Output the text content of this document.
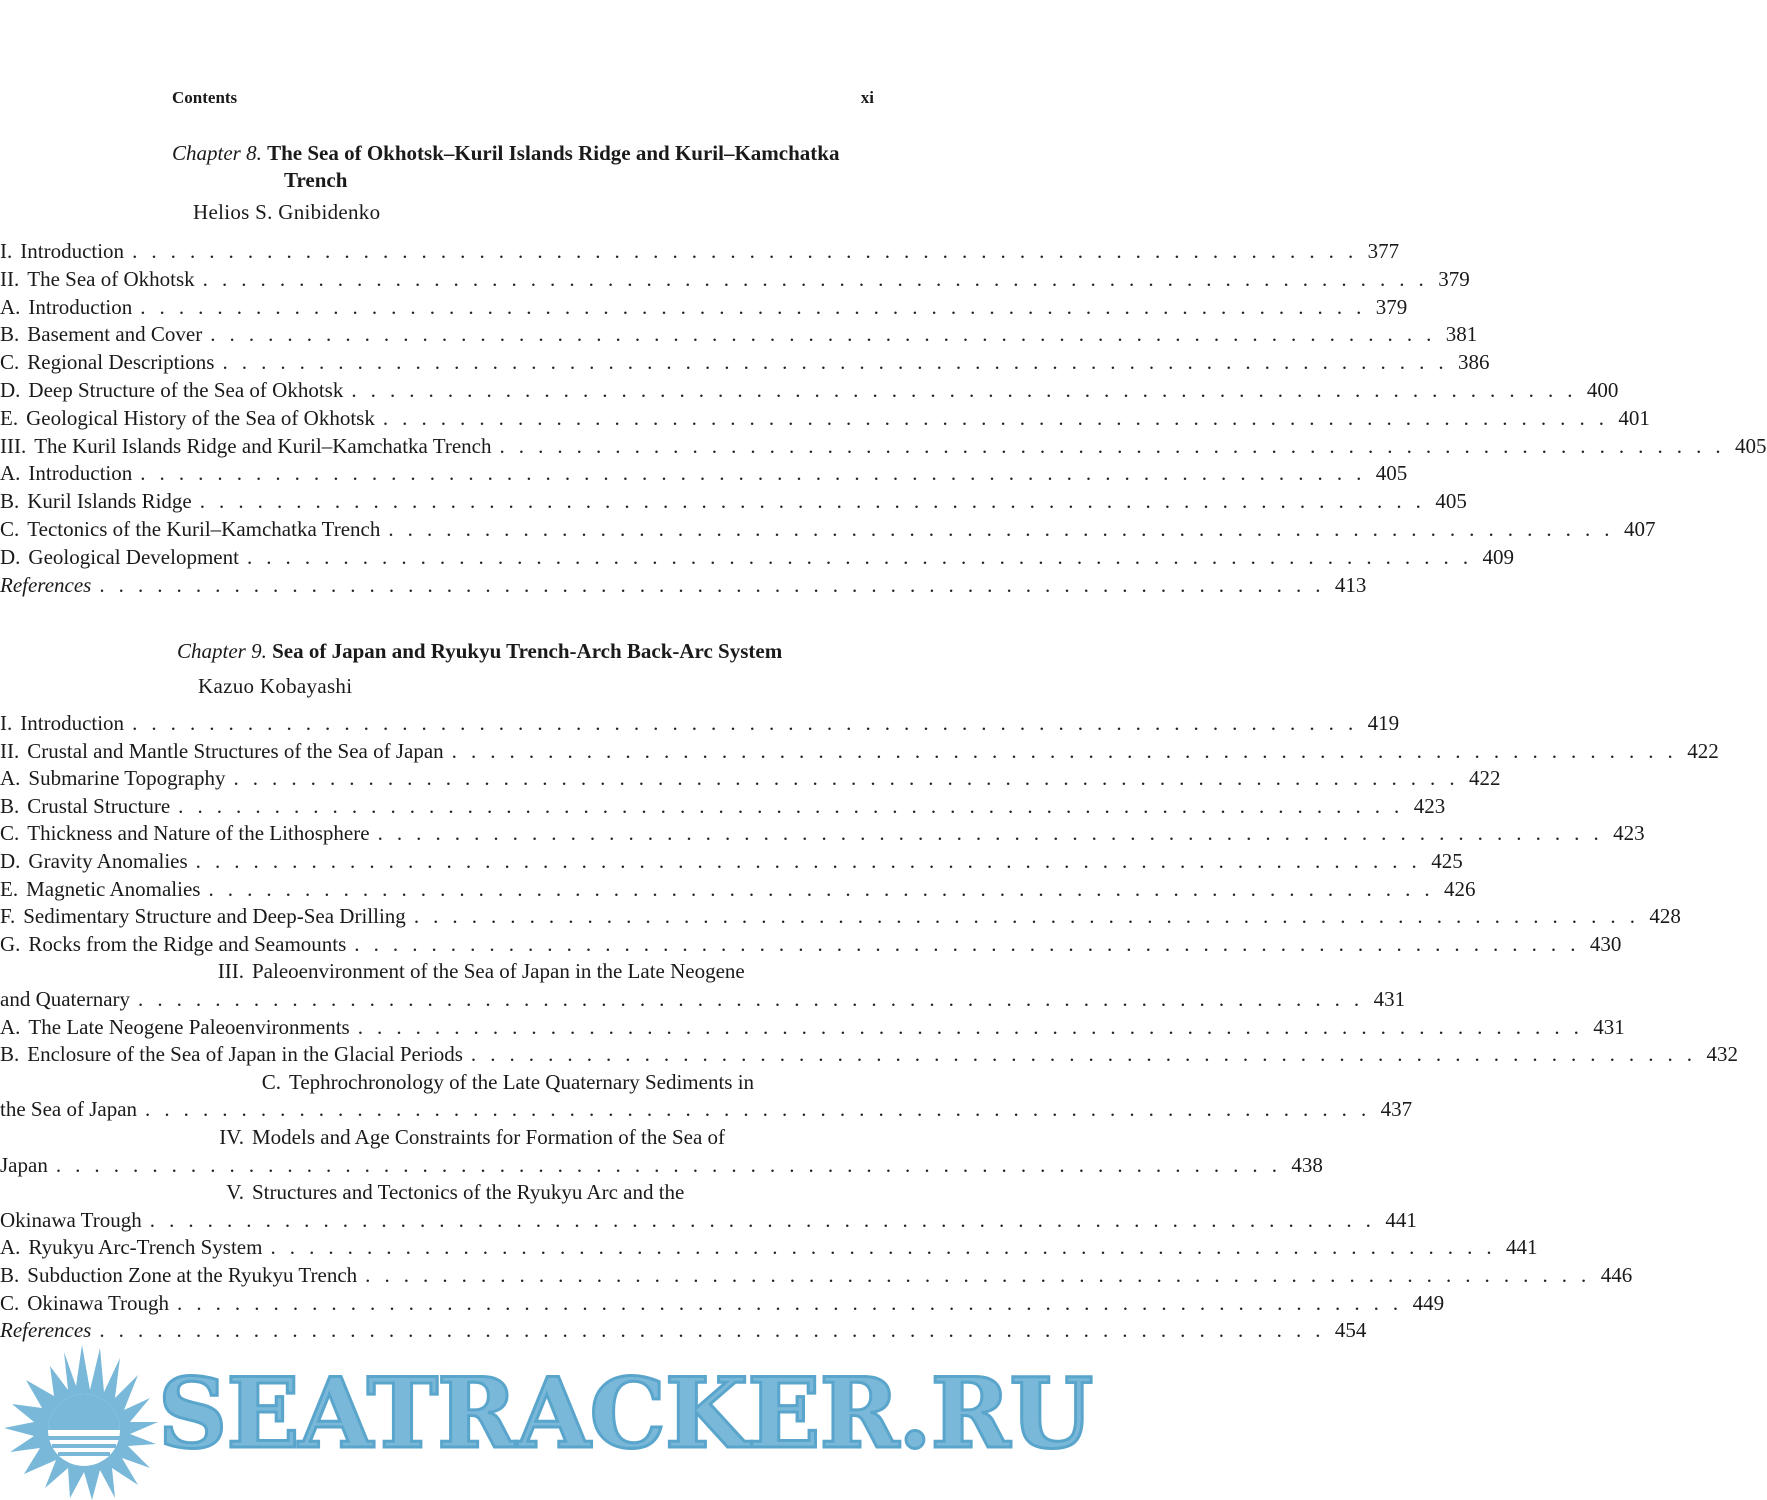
Contents	xi
Chapter 8. The Sea of Okhotsk–Kuril Islands Ridge and Kuril–Kamchatka
Trench
Helios S. Gnibidenko
I. Introduction . . . . . . . . . . . . . . . . . . . . . . . . . . . . . . . . . . . . . . . . . . . . . . . . . . . . . . . . . . . . . . . . 377
II. The Sea of Okhotsk . . . . . . . . . . . . . . . . . . . . . . . . . . . . . . . . . . . . . . . . . . . . . . . . . . . . . . . . . . . . . . . . 379
A. Introduction . . . . . . . . . . . . . . . . . . . . . . . . . . . . . . . . . . . . . . . . . . . . . . . . . . . . . . . . . . . . . . . . 379
B. Basement and Cover . . . . . . . . . . . . . . . . . . . . . . . . . . . . . . . . . . . . . . . . . . . . . . . . . . . . . . . . . . . . . . . . 381
C. Regional Descriptions . . . . . . . . . . . . . . . . . . . . . . . . . . . . . . . . . . . . . . . . . . . . . . . . . . . . . . . . . . . . . . . . 386
D. Deep Structure of the Sea of Okhotsk . . . . . . . . . . . . . . . . . . . . . . . . . . . . . . . . . . . . . . . . . . . . . . . . . . . . . . . . . . . . . . . . 400
E. Geological History of the Sea of Okhotsk . . . . . . . . . . . . . . . . . . . . . . . . . . . . . . . . . . . . . . . . . . . . . . . . . . . . . . . . . . . . . . . . 401
III. The Kuril Islands Ridge and Kuril–Kamchatka Trench . . . . . . . . . . . . . . . . . . . . . . . . . . . . . . . . . . . . . . . . . . . . . . . . . . . . . . . . . . . . . . . . 405
A. Introduction . . . . . . . . . . . . . . . . . . . . . . . . . . . . . . . . . . . . . . . . . . . . . . . . . . . . . . . . . . . . . . . . 405
B. Kuril Islands Ridge . . . . . . . . . . . . . . . . . . . . . . . . . . . . . . . . . . . . . . . . . . . . . . . . . . . . . . . . . . . . . . . . 405
C. Tectonics of the Kuril–Kamchatka Trench . . . . . . . . . . . . . . . . . . . . . . . . . . . . . . . . . . . . . . . . . . . . . . . . . . . . . . . . . . . . . . . . 407
D. Geological Development . . . . . . . . . . . . . . . . . . . . . . . . . . . . . . . . . . . . . . . . . . . . . . . . . . . . . . . . . . . . . . . . 409
References . . . . . . . . . . . . . . . . . . . . . . . . . . . . . . . . . . . . . . . . . . . . . . . . . . . . . . . . . . . . . . . . 413
Chapter 9. Sea of Japan and Ryukyu Trench-Arch Back-Arc System
Kazuo Kobayashi
I. Introduction . . . . . . . . . . . . . . . . . . . . . . . . . . . . . . . . . . . . . . . . . . . . . . . . . . . . . . . . . . . . . . . . 419
II. Crustal and Mantle Structures of the Sea of Japan . . . . . . . . . . . . . . . . . . . . . . . . . . . . . . . . . . . . . . . . . . . . . . . . . . . . . . . . . . . . . . . . 422
A. Submarine Topography . . . . . . . . . . . . . . . . . . . . . . . . . . . . . . . . . . . . . . . . . . . . . . . . . . . . . . . . . . . . . . . . 422
B. Crustal Structure . . . . . . . . . . . . . . . . . . . . . . . . . . . . . . . . . . . . . . . . . . . . . . . . . . . . . . . . . . . . . . . . 423
C. Thickness and Nature of the Lithosphere . . . . . . . . . . . . . . . . . . . . . . . . . . . . . . . . . . . . . . . . . . . . . . . . . . . . . . . . . . . . . . . . 423
D. Gravity Anomalies . . . . . . . . . . . . . . . . . . . . . . . . . . . . . . . . . . . . . . . . . . . . . . . . . . . . . . . . . . . . . . . . 425
E. Magnetic Anomalies . . . . . . . . . . . . . . . . . . . . . . . . . . . . . . . . . . . . . . . . . . . . . . . . . . . . . . . . . . . . . . . . 426
F. Sedimentary Structure and Deep-Sea Drilling . . . . . . . . . . . . . . . . . . . . . . . . . . . . . . . . . . . . . . . . . . . . . . . . . . . . . . . . . . . . . . . . 428
G. Rocks from the Ridge and Seamounts . . . . . . . . . . . . . . . . . . . . . . . . . . . . . . . . . . . . . . . . . . . . . . . . . . . . . . . . . . . . . . . . 430
III. Paleoenvironment of the Sea of Japan in the Late Neogene
and Quaternary . . . . . . . . . . . . . . . . . . . . . . . . . . . . . . . . . . . . . . . . . . . . . . . . . . . . . . . . . . . . . . . . 431
A. The Late Neogene Paleoenvironments . . . . . . . . . . . . . . . . . . . . . . . . . . . . . . . . . . . . . . . . . . . . . . . . . . . . . . . . . . . . . . . . 431
B. Enclosure of the Sea of Japan in the Glacial Periods . . . . . . . . . . . . . . . . . . . . . . . . . . . . . . . . . . . . . . . . . . . . . . . . . . . . . . . . . . . . . . . . 432
C. Tephrochronology of the Late Quaternary Sediments in
the Sea of Japan . . . . . . . . . . . . . . . . . . . . . . . . . . . . . . . . . . . . . . . . . . . . . . . . . . . . . . . . . . . . . . . . 437
IV. Models and Age Constraints for Formation of the Sea of
Japan . . . . . . . . . . . . . . . . . . . . . . . . . . . . . . . . . . . . . . . . . . . . . . . . . . . . . . . . . . . . . . . . 438
V. Structures and Tectonics of the Ryukyu Arc and the
Okinawa Trough . . . . . . . . . . . . . . . . . . . . . . . . . . . . . . . . . . . . . . . . . . . . . . . . . . . . . . . . . . . . . . . . 441
A. Ryukyu Arc-Trench System . . . . . . . . . . . . . . . . . . . . . . . . . . . . . . . . . . . . . . . . . . . . . . . . . . . . . . . . . . . . . . . . 441
B. Subduction Zone at the Ryukyu Trench . . . . . . . . . . . . . . . . . . . . . . . . . . . . . . . . . . . . . . . . . . . . . . . . . . . . . . . . . . . . . . . . 446
C. Okinawa Trough . . . . . . . . . . . . . . . . . . . . . . . . . . . . . . . . . . . . . . . . . . . . . . . . . . . . . . . . . . . . . . . . 449
References . . . . . . . . . . . . . . . . . . . . . . . . . . . . . . . . . . . . . . . . . . . . . . . . . . . . . . . . . . . . . . . . 454
SEATRACKER.RU
